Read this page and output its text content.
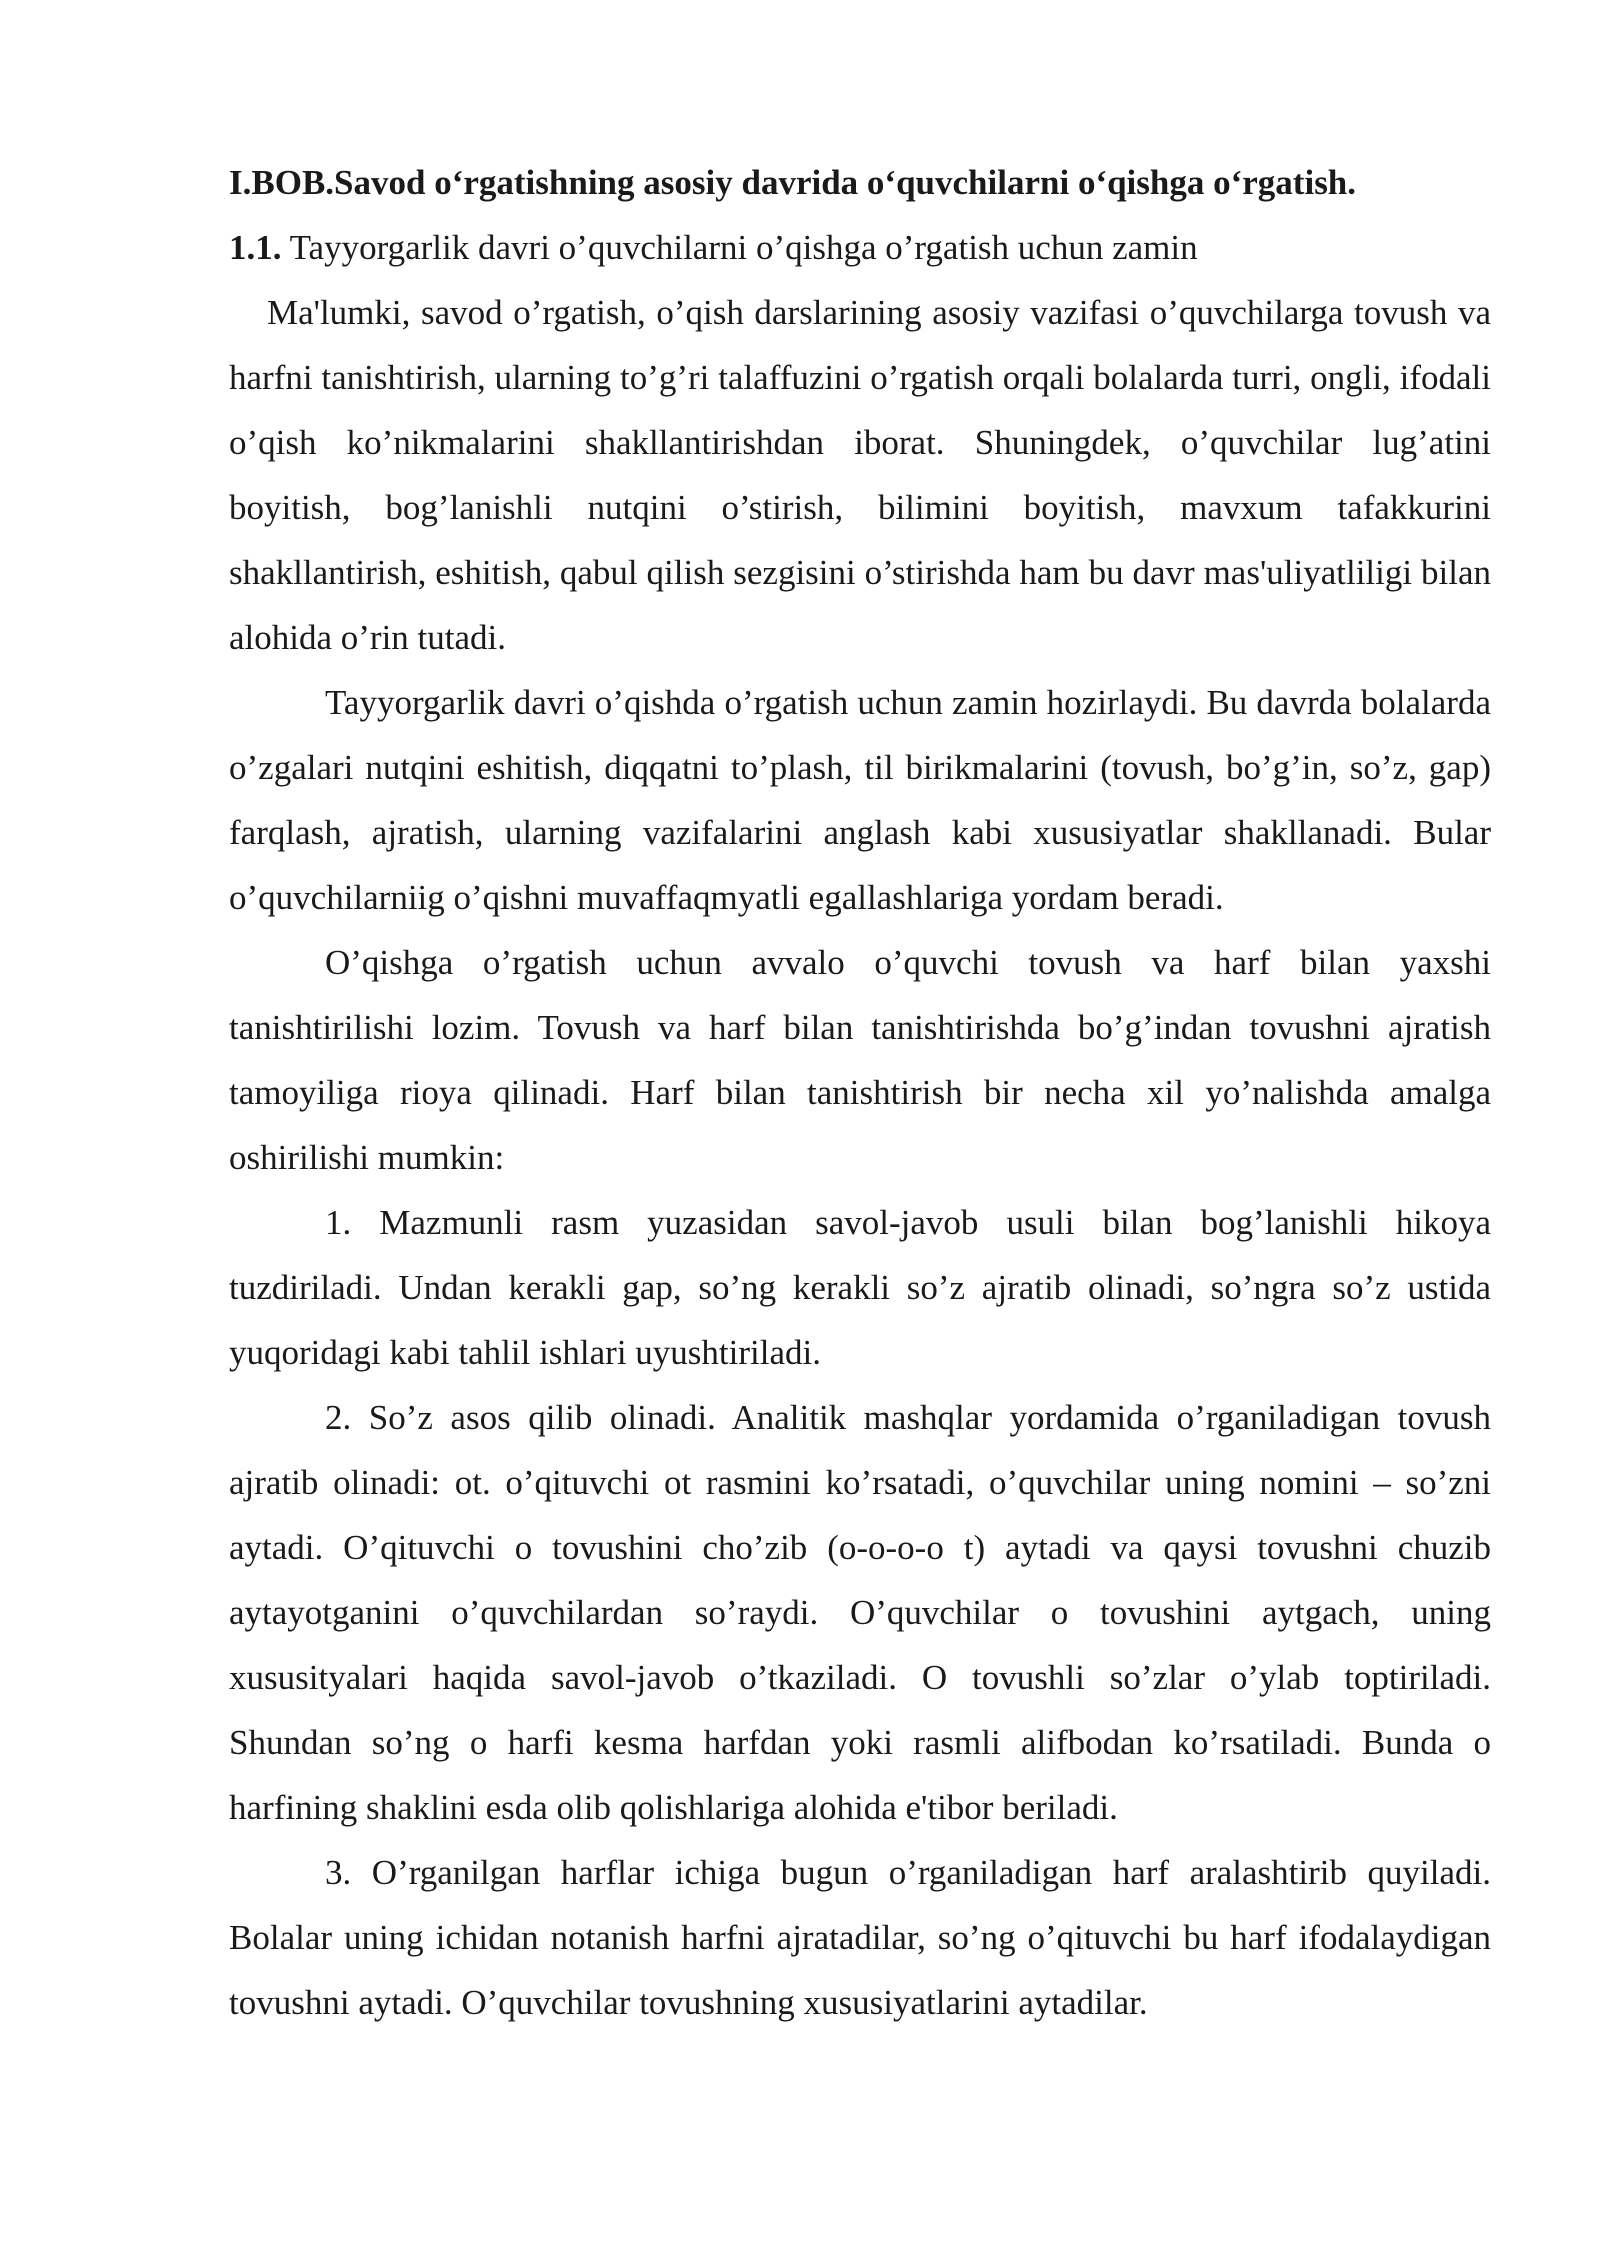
I.BOB.Savod o‘rgatishning asosiy davrida o‘quvchilarni o‘qishga o‘rgatish.

1.1. Tayyorgarlik davri o’quvchilarni o’qishga o’rgatish uchun zamin

Ma'lumki, savod o’rgatish, o’qish darslarining asosiy vazifasi o’quvchilarga tovush va harfni tanishtirish, ularning to’g’ri talaffuzini o’rgatish orqali bolalarda turri, ongli, ifodali o’qish ko’nikmalarini shakllantirishdan iborat. Shuningdek, o’quvchilar lug’atini boyitish, bog’lanishli nutqini o’stirish, bilimini boyitish, mavxum tafakkurini shakllantirish, eshitish, qabul qilish sezgisini o’stirishda ham bu davr mas'uliyatliligi bilan alohida o’rin tutadi.

Tayyorgarlik davri o’qishda o’rgatish uchun zamin hozirlaydi. Bu davrda bolalarda o’zgalari nutqini eshitish, diqqatni to’plash, til birikmalarini (tovush, bo’g’in, so’z, gap) farqlash, ajratish, ularning vazifalarini anglash kabi xususiyatlar shakllanadi. Bular o’quvchilarniig o’qishni muvaffaqmyatli egallashlariga yordam beradi.

O’qishga o’rgatish uchun avvalo o’quvchi tovush va harf bilan yaxshi tanishtirilishi lozim. Tovush va harf bilan tanishtirishda bo’g’indan tovushni ajratish tamoyiliga rioya qilinadi. Harf bilan tanishtirish bir necha xil yo’nalishda amalga oshirilishi mumkin:

1. Mazmunli rasm yuzasidan savol-javob usuli bilan bog’lanishli hikoya tuzdiriladi. Undan kerakli gap, so’ng kerakli so’z ajratib olinadi, so’ngra so’z ustida yuqoridagi kabi tahlil ishlari uyushtiriladi.

2. So’z asos qilib olinadi. Analitik mashqlar yordamida o’rganiladigan tovush ajratib olinadi: ot. o’qituvchi ot rasmini ko’rsatadi, o’quvchilar uning nomini – so’zni aytadi. O’qituvchi o tovushini cho’zib (o-o-o-o t) aytadi va qaysi tovushni chuzib aytayotganini o’quvchilardan so’raydi. O’quvchilar o tovushini aytgach, uning xususityalari haqida savol-javob o’tkaziladi. O tovushli so’zlar o’ylab toptiriladi. Shundan so’ng o harfi kesma harfdan yoki rasmli alifbodan ko’rsatiladi. Bunda o harfining shaklini esda olib qolishlariga alohida e'tibor beriladi.

3. O’rganilgan harflar ichiga bugun o’rganiladigan harf aralashtirib quyiladi. Bolalar uning ichidan notanish harfni ajratadilar, so’ng o’qituvchi bu harf ifodalaydigan tovushni aytadi. O’quvchilar tovushning xususiyatlarini aytadilar.
